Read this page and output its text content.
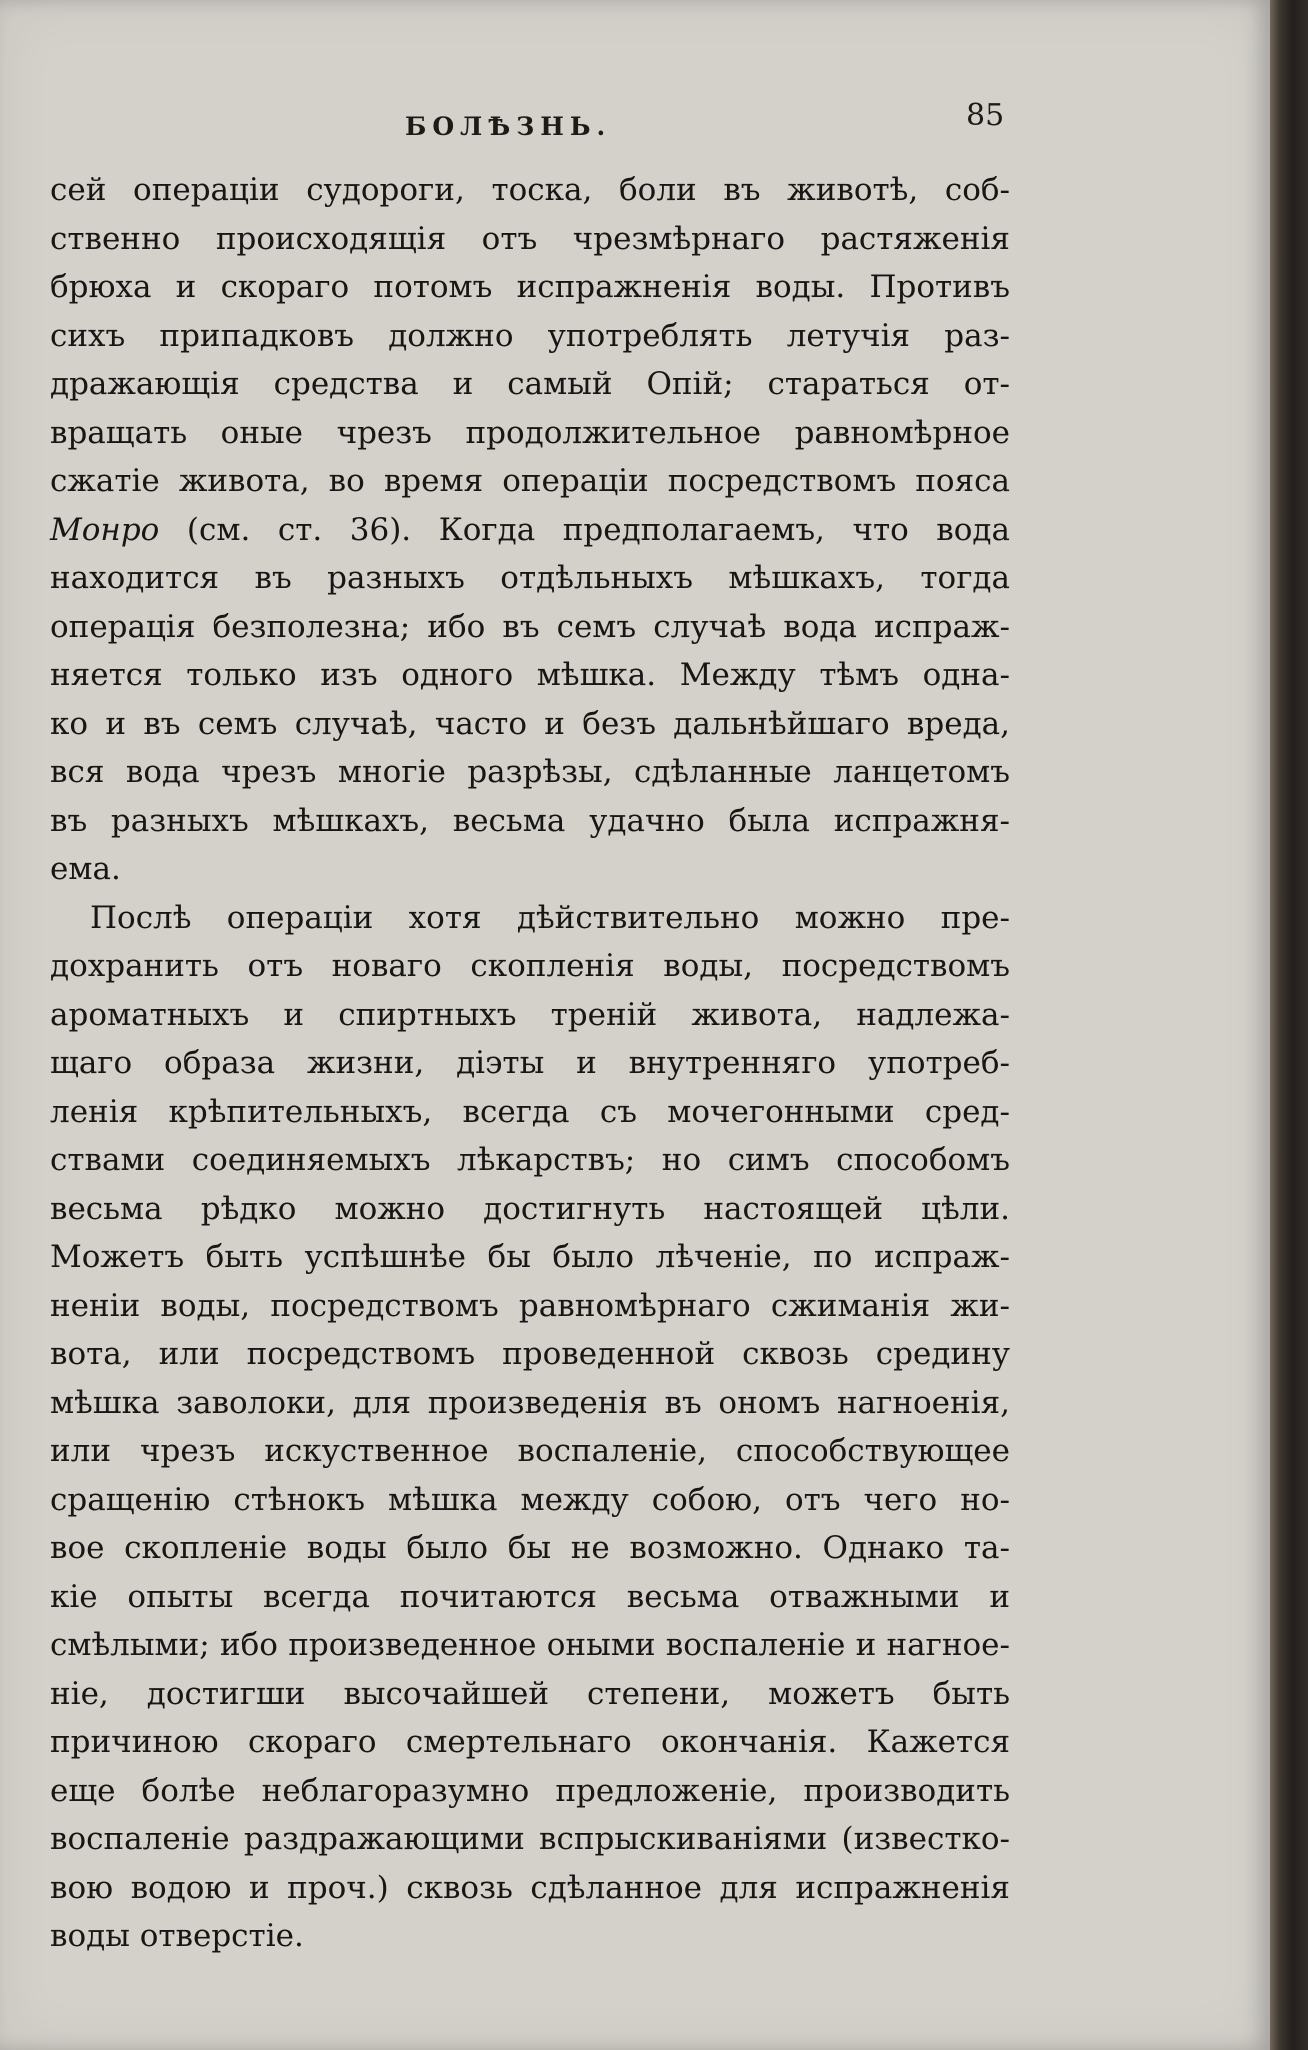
БОЛѢЗНЬ.	85
сей операціи судороги, тоска, боли въ животѣ, соб-
ственно происходящія отъ чрезмѣрнаго растяженія
брюха и скораго потомъ испражненія воды. Противъ
сихъ припадковъ должно употреблять летучія раз-
дражающія средства и самый Опій; стараться от-
вращать оные чрезъ продолжительное равномѣрное
сжатіе живота, во время операціи посредствомъ пояса
Монро (см. ст. 36). Когда предполагаемъ, что вода
находится въ разныхъ отдѣльныхъ мѣшкахъ, тогда
операція безполезна; ибо въ семъ случаѣ вода испраж-
няется только изъ одного мѣшка. Между тѣмъ одна-
ко и въ семъ случаѣ, часто и безъ дальнѣйшаго вреда,
вся вода чрезъ многіе разрѣзы, сдѣланные ланцетомъ
въ разныхъ мѣшкахъ, весьма удачно была испражня-
ема.
Послѣ операціи хотя дѣйствительно можно пре-
дохранить отъ новаго скопленія воды, посредствомъ
ароматныхъ и спиртныхъ треній живота, надлежа-
щаго образа жизни, діэты и внутренняго употреб-
ленія крѣпительныхъ, всегда съ мочегонными сред-
ствами соединяемыхъ лѣкарствъ; но симъ способомъ
весьма рѣдко можно достигнуть настоящей цѣли.
Можетъ быть успѣшнѣе бы было лѣченіе, по испраж-
неніи воды, посредствомъ равномѣрнаго сжиманія жи-
вота, или посредствомъ проведенной сквозь средину
мѣшка заволоки, для произведенія въ ономъ нагноенія,
или чрезъ искуственное воспаленіе, способствующее
сращенію стѣнокъ мѣшка между собою, отъ чего но-
вое скопленіе воды было бы не возможно. Однако та-
кіе опыты всегда почитаются весьма отважными и
смѣлыми; ибо произведенное оными воспаленіе и нагное-
ніе, достигши высочайшей степени, можетъ быть
причиною скораго смертельнаго окончанія. Кажется
еще болѣе неблагоразумно предложеніе, производить
воспаленіе раздражающими вспрыскиваніями (известко-
вою водою и проч.) сквозь сдѣланное для испражненія
воды отверстіе.
